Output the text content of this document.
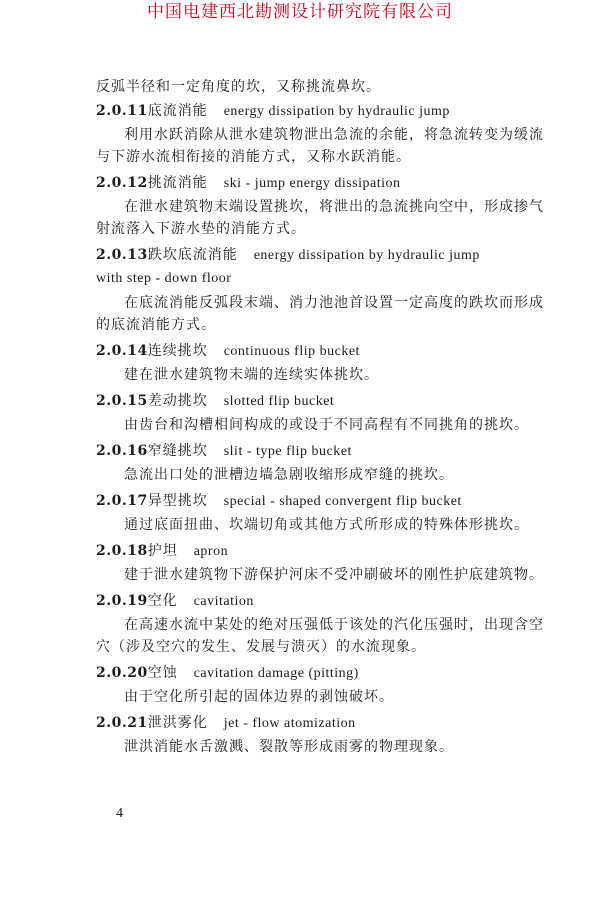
中国电建西北勘测设计研究院有限公司

反弧半径和一定角度的坎，又称挑流鼻坎。

2.0.11 底流消能 energy dissipation by hydraulic jump

利用水跃消除从泄水建筑物泄出急流的余能，将急流转变为缓流与下游水流相衔接的消能方式，又称水跃消能。

2.0.12 挑流消能 ski - jump energy dissipation

在泄水建筑物末端设置挑坎，将泄出的急流挑向空中，形成掺气射流落入下游水垫的消能方式。

2.0.13 跌坎底流消能 energy dissipation by hydraulic jump
with step - down floor

在底流消能反弧段末端、消力池池首设置一定高度的跌坎而形成的底流消能方式。

2.0.14 连续挑坎 continuous flip bucket

建在泄水建筑物末端的连续实体挑坎。

2.0.15 差动挑坎 slotted flip bucket

由齿台和沟槽相间构成的或设于不同高程有不同挑角的挑坎。

2.0.16 窄缝挑坎 slit - type flip bucket

急流出口处的泄槽边墙急剧收缩形成窄缝的挑坎。

2.0.17 异型挑坎 special - shaped convergent flip bucket

通过底面扭曲、坎端切角或其他方式所形成的特殊体形挑坎。

2.0.18 护坦 apron

建于泄水建筑物下游保护河床不受冲刷破坏的刚性护底建筑物。

2.0.19 空化 cavitation

在高速水流中某处的绝对压强低于该处的汽化压强时，出现含空穴（涉及空穴的发生、发展与溃灭）的水流现象。

2.0.20 空蚀 cavitation damage (pitting)

由于空化所引起的固体边界的剥蚀破坏。

2.0.21 泄洪雾化 jet - flow atomization

泄洪消能水舌激溅、裂散等形成雨雾的物理现象。

4
